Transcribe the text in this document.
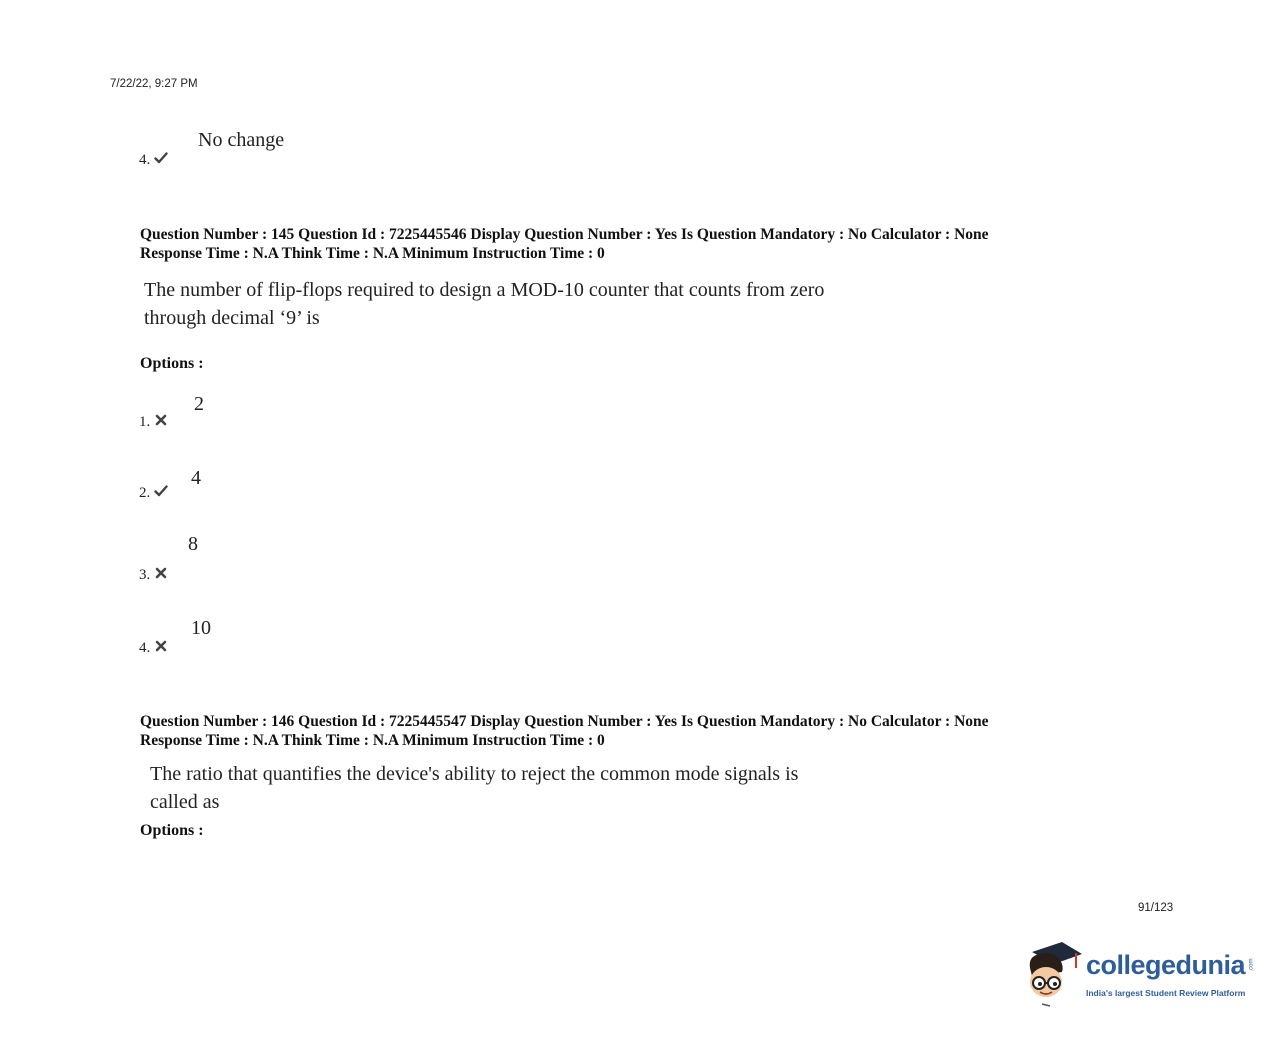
7/22/22, 9:27 PM
4.
No change
Question Number : 145 Question Id : 7225445546 Display Question Number : Yes Is Question Mandatory : No Calculator : None
Response Time : N.A Think Time : N.A Minimum Instruction Time : 0
The number of flip-flops required to design a MOD-10 counter that counts from zero
through decimal ‘9’ is
Options :
1.
2
2.
4
3.
8
4.
10
Question Number : 146 Question Id : 7225445547 Display Question Number : Yes Is Question Mandatory : No Calculator : None
Response Time : N.A Think Time : N.A Minimum Instruction Time : 0
The ratio that quantifies the device's ability to reject the common mode signals is
called as
Options :
91/123
collegedunia .com
India's largest Student Review Platform
